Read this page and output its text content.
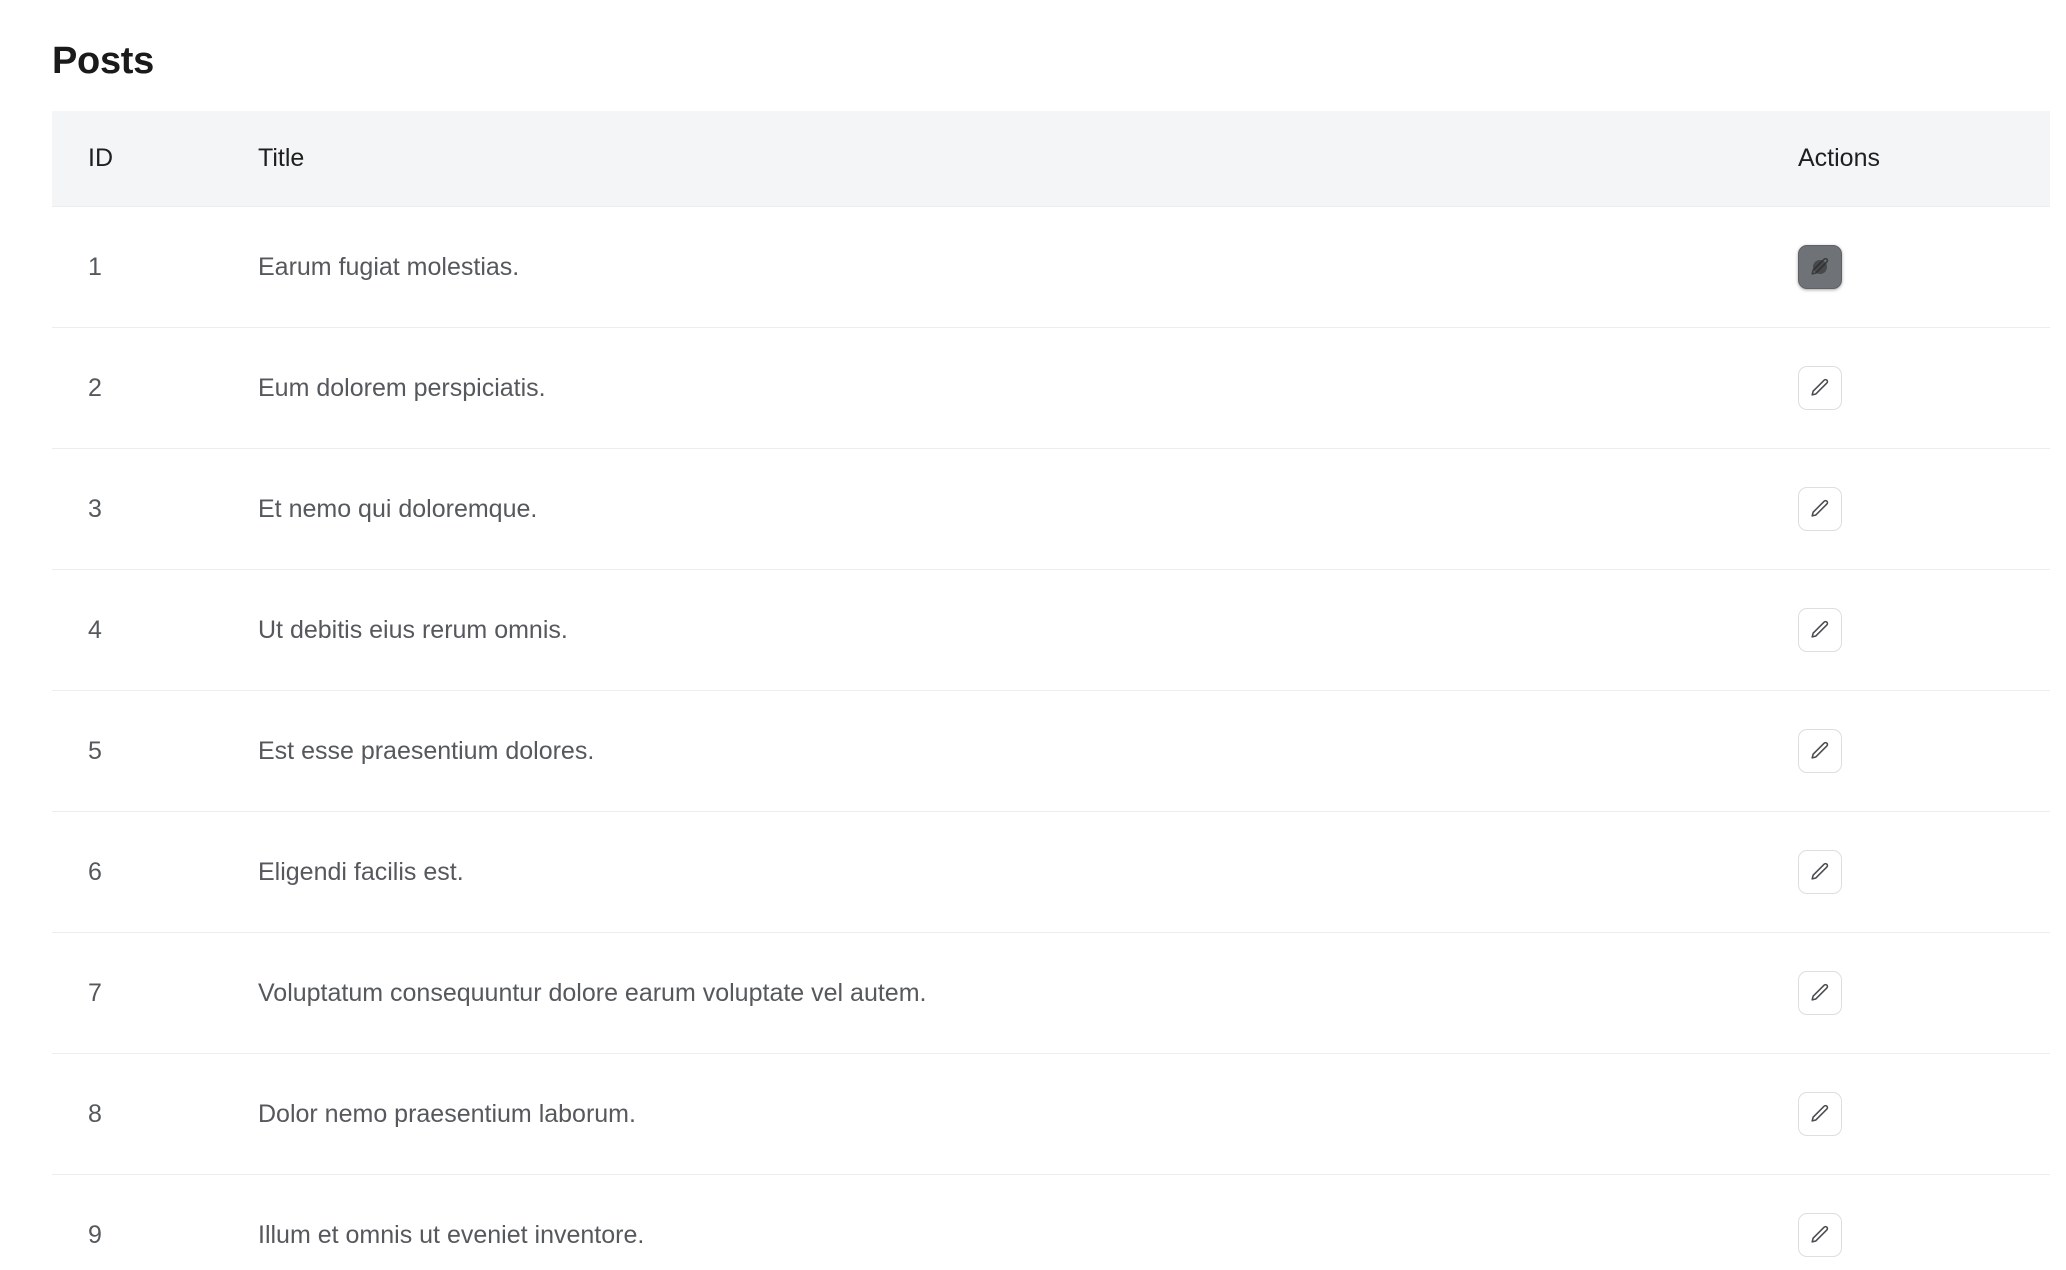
Posts
ID	Title	Actions
1	Earum fugiat molestias.	

2	Eum dolorem perspiciatis.	

3	Et nemo qui doloremque.	

4	Ut debitis eius rerum omnis.	

5	Est esse praesentium dolores.	

6	Eligendi facilis est.	

7	Voluptatum consequuntur dolore earum voluptate vel autem.	

8	Dolor nemo praesentium laborum.	

9	Illum et omnis ut eveniet inventore.	
